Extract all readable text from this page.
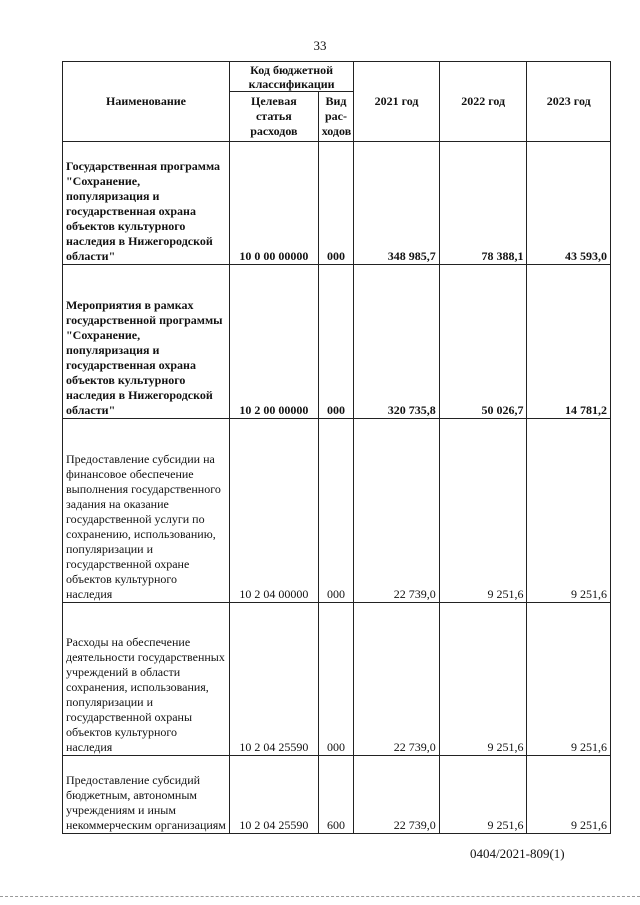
33
Наименование	Код бюджетной классификации		2021 год	2022 год	2023 год
	Целевая статья расходов	Вид рас-ходов			
Государственная программа "Сохранение, популяризация и государственная охрана объектов культурного наследия в Нижегородской области"	10 0 00 00000	000	348 985,7	78 388,1	43 593,0
Мероприятия в рамках государственной программы "Сохранение, популяризация и государственная охрана объектов культурного наследия в Нижегородской области"	10 2 00 00000	000	320 735,8	50 026,7	14 781,2
Предоставление субсидии на финансовое обеспечение выполнения государственного задания на оказание государственной услуги по сохранению, использованию, популяризации и государственной охране объектов культурного наследия	10 2 04 00000	000	22 739,0	9 251,6	9 251,6
Расходы на обеспечение деятельности государственных учреждений в области сохранения, использования, популяризации и государственной охраны объектов культурного наследия	10 2 04 25590	000	22 739,0	9 251,6	9 251,6
Предоставление субсидий бюджетным, автономным учреждениям и иным некоммерческим организациям	10 2 04 25590	600	22 739,0	9 251,6	9 251,6
0404/2021-809(1)
